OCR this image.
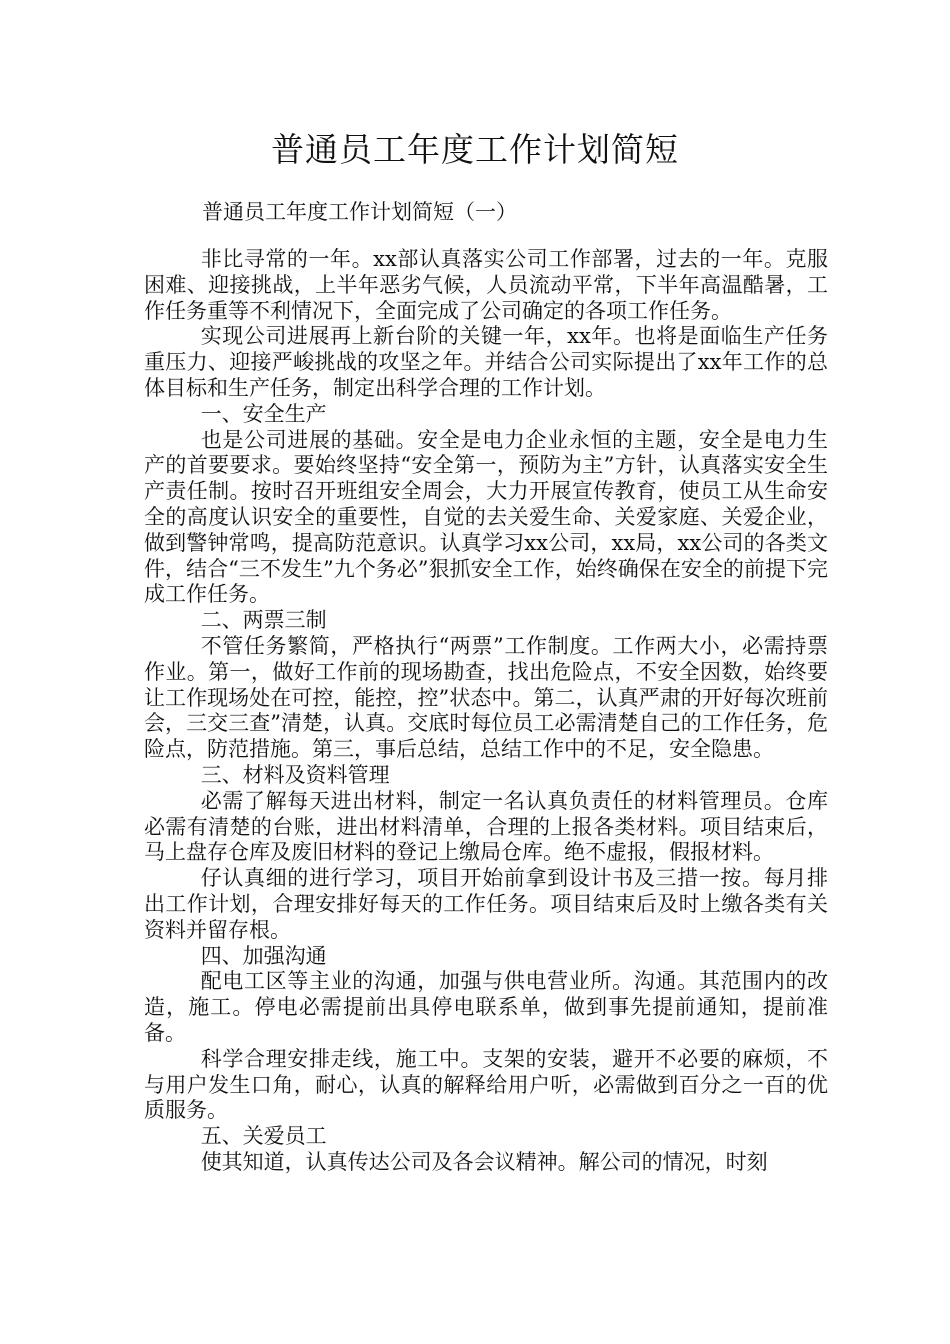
普通员工年度工作计划简短
普通员工年度工作计划简短（一）

非比寻常的一年。xx部认真落实公司工作部署，过去的一年。克服困难、迎接挑战，上半年恶劣气候，人员流动平常，下半年高温酷暑，工作任务重等不利情况下，全面完成了公司确定的各项工作任务。

实现公司进展再上新台阶的关键一年，xx年。也将是面临生产任务重压力、迎接严峻挑战的攻坚之年。并结合公司实际提出了xx年工作的总体目标和生产任务，制定出科学合理的工作计划。

一、安全生产

也是公司进展的基础。安全是电力企业永恒的主题，安全是电力生产的首要要求。要始终坚持“安全第一，预防为主”方针，认真落实安全生产责任制。按时召开班组安全周会，大力开展宣传教育，使员工从生命安全的高度认识安全的重要性，自觉的去关爱生命、关爱家庭、关爱企业，做到警钟常鸣，提高防范意识。认真学习xx公司，xx局，xx公司的各类文件，结合“三不发生”九个务必”狠抓安全工作，始终确保在安全的前提下完成工作任务。

二、两票三制

不管任务繁简，严格执行“两票”工作制度。工作两大小，必需持票作业。第一，做好工作前的现场勘查，找出危险点，不安全因数，始终要让工作现场处在可控，能控，控”状态中。第二，认真严肃的开好每次班前会，三交三查”清楚，认真。交底时每位员工必需清楚自己的工作任务，危险点，防范措施。第三，事后总结，总结工作中的不足，安全隐患。

三、材料及资料管理

必需了解每天进出材料，制定一名认真负责任的材料管理员。仓库必需有清楚的台账，进出材料清单，合理的上报各类材料。项目结束后，马上盘存仓库及废旧材料的登记上缴局仓库。绝不虚报，假报材料。

仔认真细的进行学习，项目开始前拿到设计书及三措一按。每月排出工作计划，合理安排好每天的工作任务。项目结束后及时上缴各类有关资料并留存根。

四、加强沟通

配电工区等主业的沟通，加强与供电营业所。沟通。其范围内的改造，施工。停电必需提前出具停电联系单，做到事先提前通知，提前准备。

科学合理安排走线，施工中。支架的安装，避开不必要的麻烦，不与用户发生口角，耐心，认真的解释给用户听，必需做到百分之一百的优质服务。

五、关爱员工

使其知道，认真传达公司及各会议精神。解公司的情况，时刻
